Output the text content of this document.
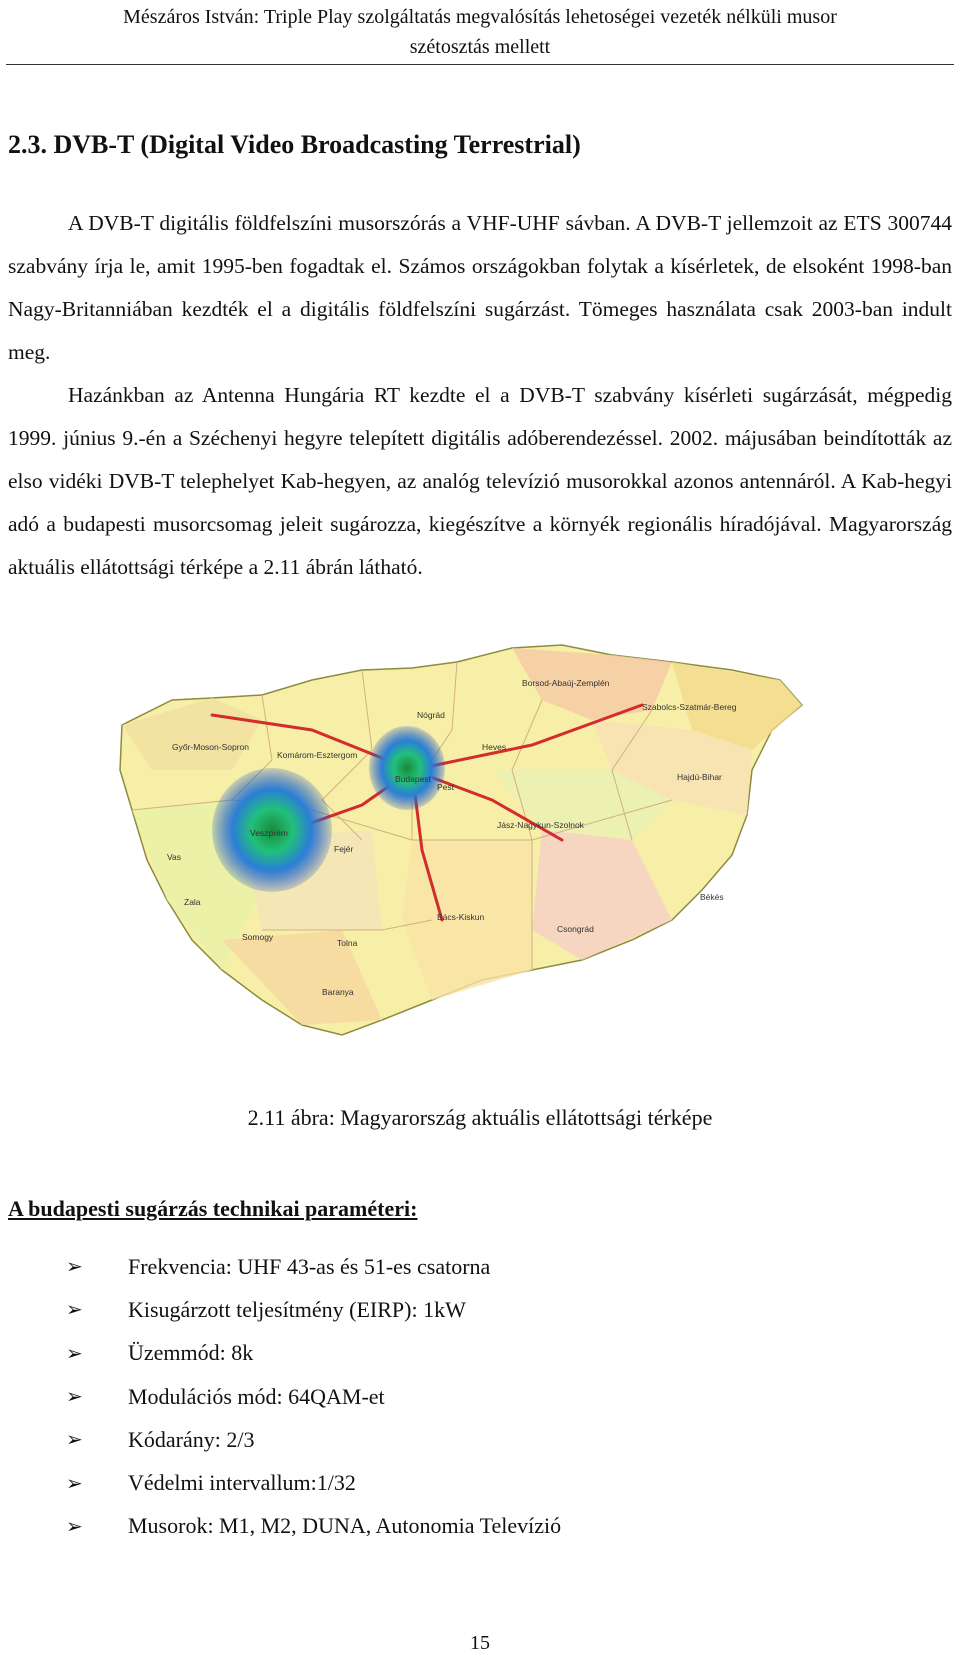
Mészáros István: Triple Play szolgáltatás megvalósítás lehetoségei vezeték nélküli musor
szétosztás mellett
2.3. DVB-T (Digital Video Broadcasting Terrestrial)

A DVB-T digitális földfelszíni musorszórás a VHF-UHF sávban. A DVB-T jellemzoit az ETS 300744 szabvány írja le, amit 1995-ben fogadtak el. Számos országokban folytak a kísérletek, de elsoként 1998-ban Nagy-Britanniában kezdték el a digitális földfelszíni sugárzást. Tömeges használata csak 2003-ban indult meg.

Hazánkban az Antenna Hungária RT kezdte el a DVB-T szabvány kísérleti sugárzását, mégpedig 1999. június 9.-én a Széchenyi hegyre telepített digitális adóberendezéssel. 2002. májusában beindították az elso vidéki DVB-T telephelyet Kab-hegyen, az analóg televízió musorokkal azonos antennáról. A Kab-hegyi adó a budapesti musorcsomag jeleit sugározza, kiegészítve a környék regionális híradójával. Magyarország aktuális ellátottsági térképe a 2.11 ábrán látható.

Borsod-Abaúj-Zemplén
Szabolcs-Szatmár-Bereg
Nógrád
Heves
Győr-Moson-Sopron
Komárom-Esztergom
Pest
Budapest	Hajdú-Bihar
Jász-Nagykun-Szolnok
Veszprém
Fejér
Vas
Békés
Zala
Somogy
Tolna
Bács-Kiskun
Csongrád
Baranya
2.11 ábra: Magyarország aktuális ellátottsági térképe
A budapesti sugárzás technikai paraméteri:
➢	Frekvencia: UHF 43-as és 51-es csatorna
➢	Kisugárzott teljesítmény (EIRP): 1kW
➢	Üzemmód: 8k
➢	Modulációs mód: 64QAM-et
➢	Kódarány: 2/3
➢	Védelmi intervallum:1/32
➢	Musorok: M1, M2, DUNA, Autonomia Televízió
15
